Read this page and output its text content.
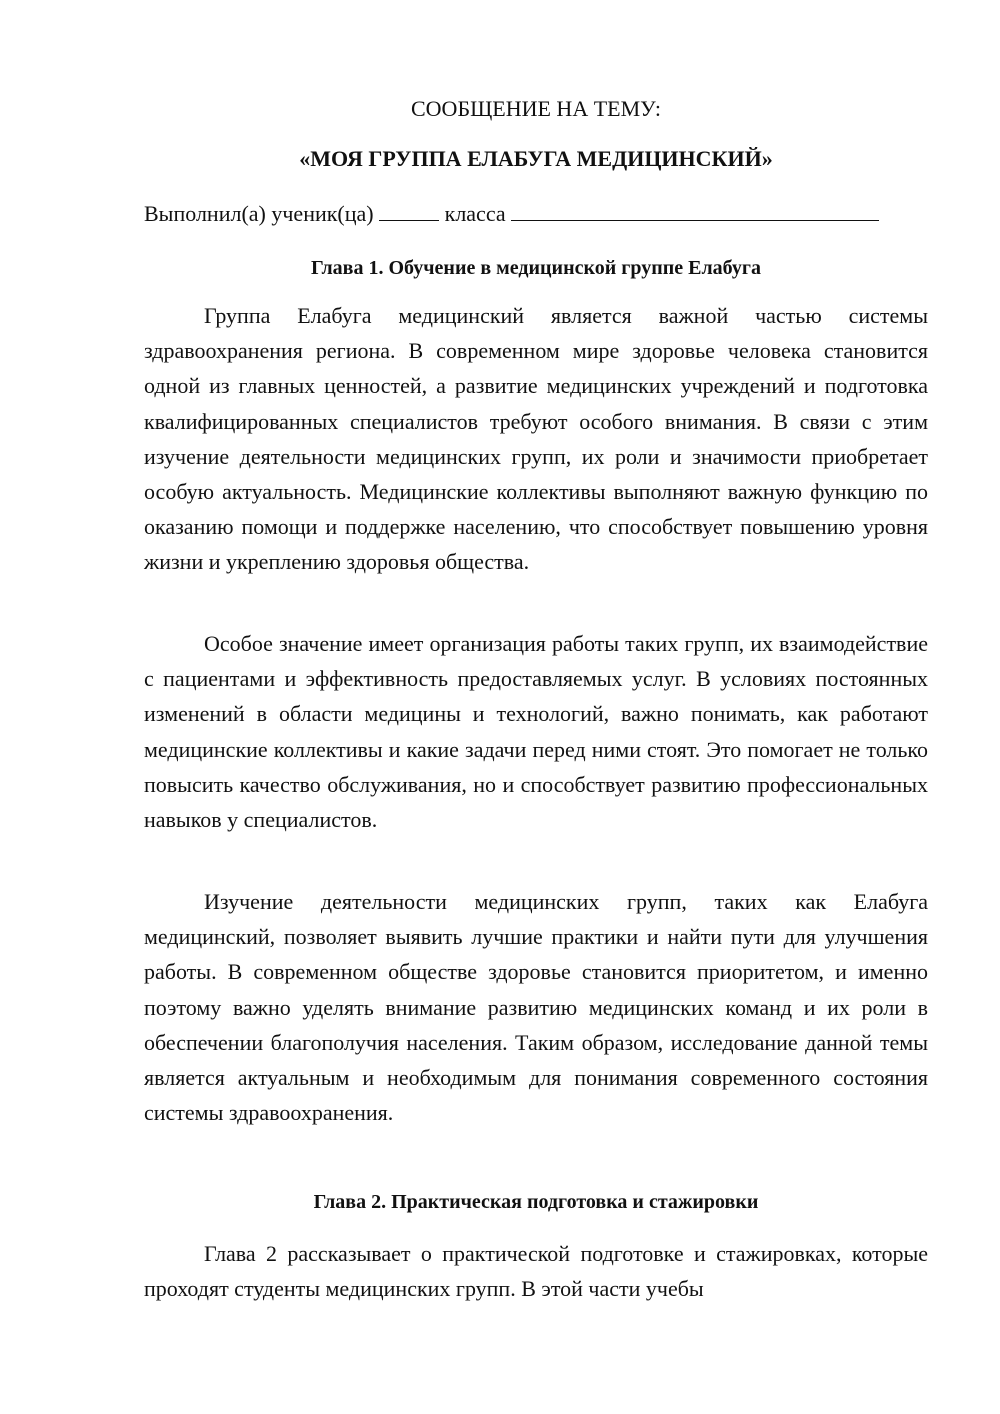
СООБЩЕНИЕ НА ТЕМУ:
«МОЯ ГРУППА ЕЛАБУГА МЕДИЦИНСКИЙ»
Выполнил(а) ученик(ца)	класса
Глава 1. Обучение в медицинской группе Елабуга

Группа Елабуга медицинский является важной частью системы здравоохранения региона. В современном мире здоровье человека становится одной из главных ценностей, а развитие медицинских учреждений и подготовка квалифицированных специалистов требуют особого внимания. В связи с этим изучение деятельности медицинских групп, их роли и значимости приобретает особую актуальность. Медицинские коллективы выполняют важную функцию по оказанию помощи и поддержке населению, что способствует повышению уровня жизни и укреплению здоровья общества.

Особое значение имеет организация работы таких групп, их взаимодействие с пациентами и эффективность предоставляемых услуг. В условиях постоянных изменений в области медицины и технологий, важно понимать, как работают медицинские коллективы и какие задачи перед ними стоят. Это помогает не только повысить качество обслуживания, но и способствует развитию профессиональных навыков у специалистов.

Изучение деятельности медицинских групп, таких как Елабуга медицинский, позволяет выявить лучшие практики и найти пути для улучшения работы. В современном обществе здоровье становится приоритетом, и именно поэтому важно уделять внимание развитию медицинских команд и их роли в обеспечении благополучия населения. Таким образом, исследование данной темы является актуальным и необходимым для понимания современного состояния системы здравоохранения.

Глава 2. Практическая подготовка и стажировки

Глава 2 рассказывает о практической подготовке и стажировках, которые проходят студенты медицинских групп. В этой части учебы
